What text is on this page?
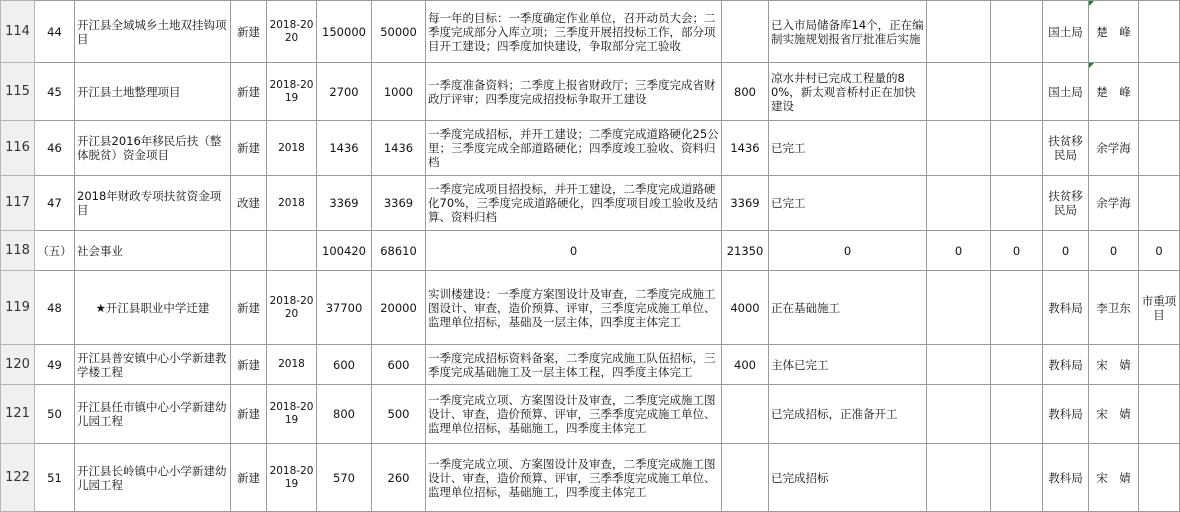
114	44	开江县全域城乡土地双挂钩项目	新建	2018-2020	150000	50000	每一年的目标：一季度确定作业单位，召开动员大会；二季度完成部分入库立项；三季度开展招投标工作，部分项目开工建设；四季度加快建设，争取部分完工验收		已入市局储备库14个，正在编制实施规划报省厅批准后实施			国土局	楚　峰	
115	45	开江县土地整理项目	新建	2018-2019	2700	1000	一季度准备资料；二季度上报省财政厅；三季度完成省财政厅评审；四季度完成招投标争取开工建设	800	凉水井村已完成工程量的80%，新太观音桥村正在加快建设			国土局	楚　峰	
116	46	开江县2016年移民后扶（整体脱贫）资金项目	新建	2018	1436	1436	一季度完成招标，并开工建设；二季度完成道路硬化25公里；三季度完成全部道路硬化；四季度竣工验收、资料归档	1436	已完工			扶贫移民局	余学海	
117	47	2018年财政专项扶贫资金项目	改建	2018	3369	3369	一季度完成项目招投标，并开工建设，二季度完成道路硬化70%，三季度完成道路硬化，四季度项目竣工验收及结算、资料归档	3369	已完工			扶贫移民局	余学海	
118	（五）	社会事业			100420	68610	0	21350	0	0	0	0	0	0
119	48	★开江县职业中学迁建	新建	2018-2020	37700	20000	实训楼建设：一季度方案图设计及审查，二季度完成施工图设计、审查，造价预算、评审，三季度完成施工单位、监理单位招标，基础及一层主体，四季度主体完工	4000	正在基础施工			教科局	李卫东	市重项目
120	49	开江县普安镇中心小学新建教学楼工程	新建	2018	600	600	一季度完成招标资料备案，二季度完成施工队伍招标，三季度完成基础施工及一层主体工程，四季度主体完工	400	主体已完工			教科局	宋　婧	
121	50	开江县任市镇中心小学新建幼儿园工程	新建	2018-2019	800	500	一季度完成立项、方案图设计及审查，二季度完成施工图设计、审查，造价预算、评审，三季季度完成施工单位、监理单位招标，基础施工，四季度主体完工		已完成招标，正准备开工			教科局	宋　婧	
122	51	开江县长岭镇中心小学新建幼儿园工程	新建	2018-2019	570	260	一季度完成立项、方案图设计及审查，二季度完成施工图设计、审查，造价预算、评审，三季季度完成施工单位、监理单位招标，基础施工，四季度主体完工		已完成招标			教科局	宋　婧	
